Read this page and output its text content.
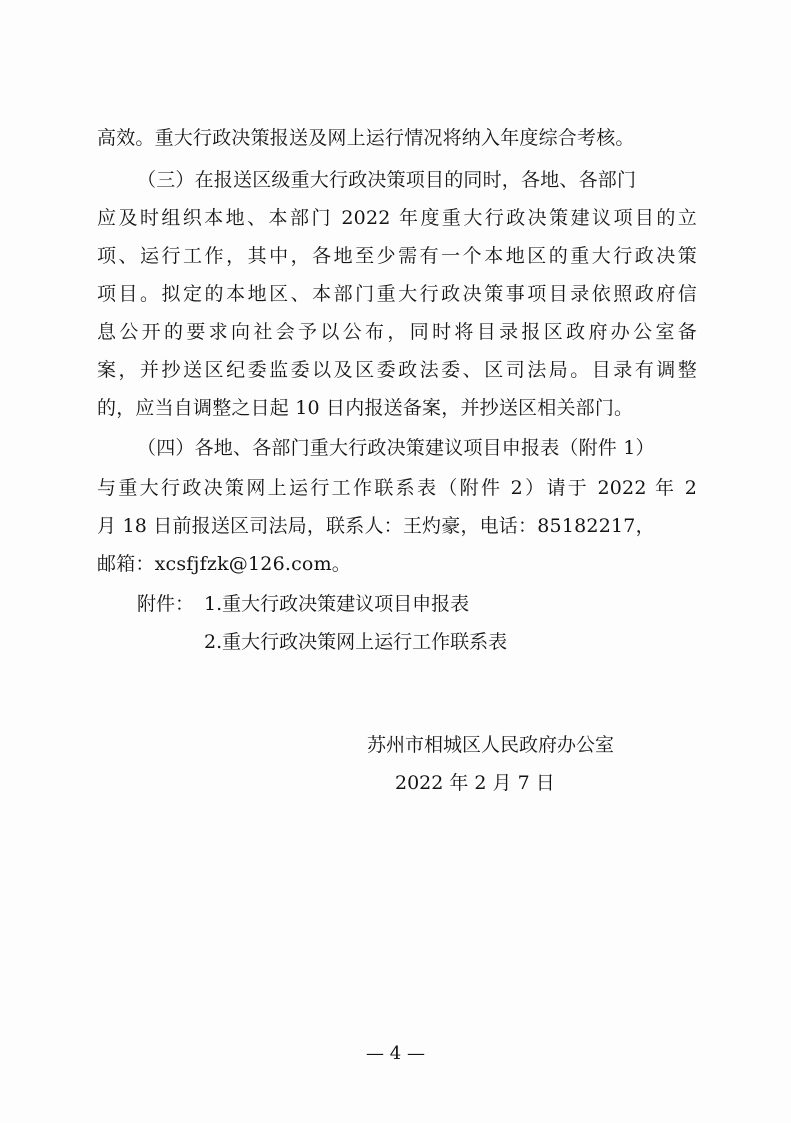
高效。重大行政决策报送及网上运行情况将纳入年度综合考核。
（三）在报送区级重大行政决策项目的同时，各地、各部门
应及时组织本地、本部门 2022 年度重大行政决策建议项目的立
项、运行工作，其中，各地至少需有一个本地区的重大行政决策
项目。拟定的本地区、本部门重大行政决策事项目录依照政府信
息公开的要求向社会予以公布，同时将目录报区政府办公室备
案，并抄送区纪委监委以及区委政法委、区司法局。目录有调整
的，应当自调整之日起 10 日内报送备案，并抄送区相关部门。
（四）各地、各部门重大行政决策建议项目申报表（附件 1）
与重大行政决策网上运行工作联系表（附件 2）请于 2022 年 2
月 18 日前报送区司法局，联系人：王灼豪，电话：85182217，
邮箱：xcsfjfzk@126.com。
附件： 1.重大行政决策建议项目申报表
2.重大行政决策网上运行工作联系表
苏州市相城区人民政府办公室
2022 年 2 月 7 日
— 4 —
